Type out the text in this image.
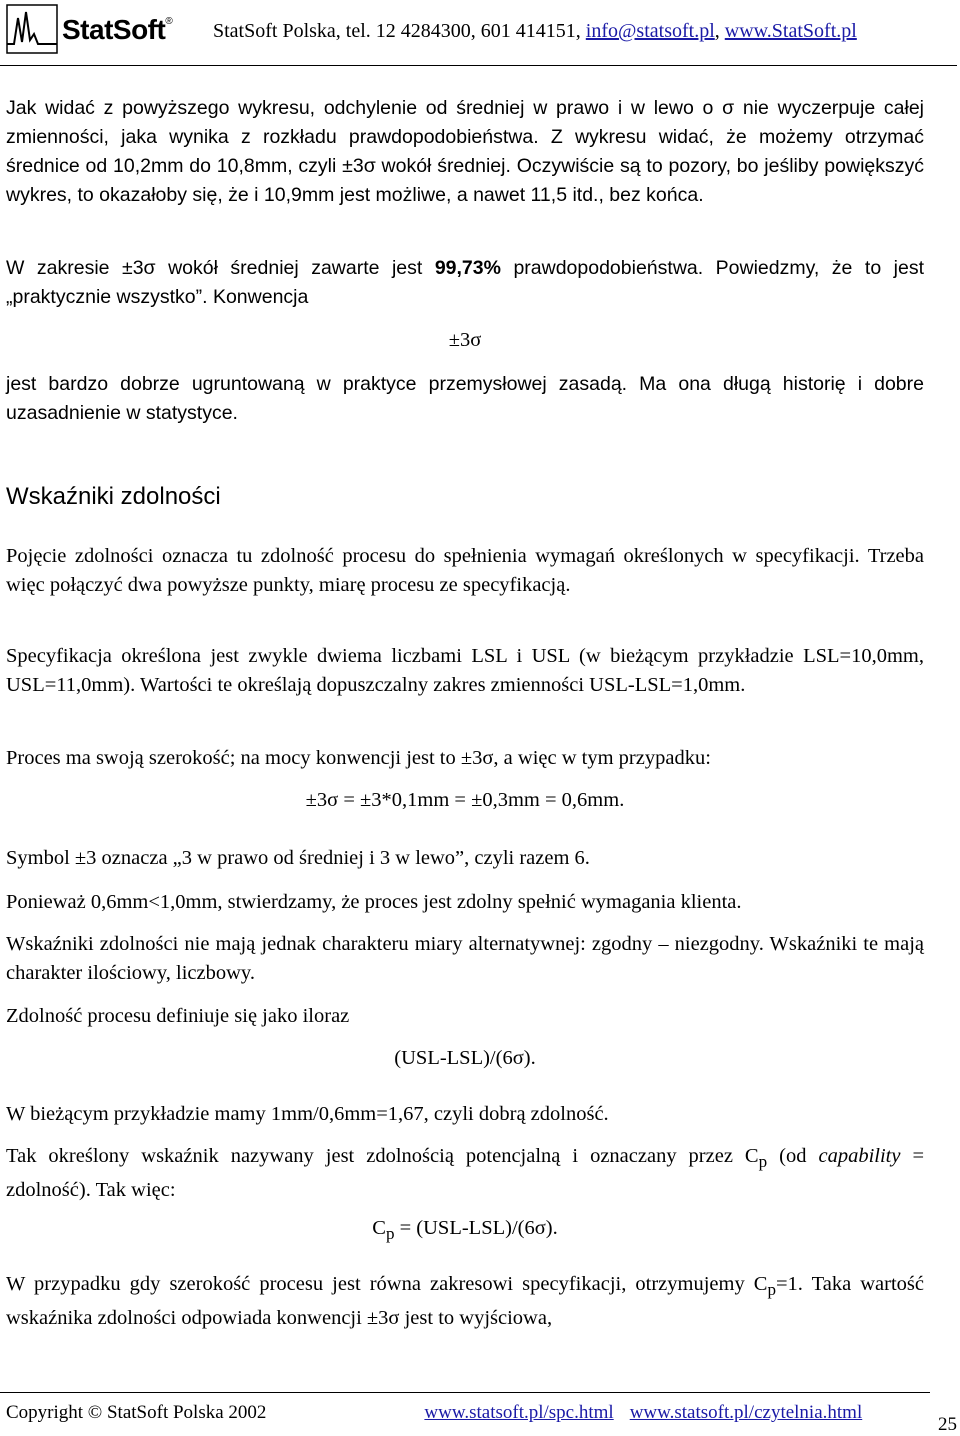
StatSoft® StatSoft Polska, tel. 12 4284300, 601 414151, info@statsoft.pl, www.StatSoft.pl

Jak widać z powyższego wykresu, odchylenie od średniej w prawo i w lewo o σ nie wyczerpuje całej zmienności, jaka wynika z rozkładu prawdopodobieństwa. Z wykresu widać, że możemy otrzymać średnice od 10,2mm do 10,8mm, czyli ±3σ wokół średniej. Oczywiście są to pozory, bo jeśliby powiększyć wykres, to okazałoby się, że i 10,9mm jest możliwe, a nawet 11,5 itd., bez końca.

W zakresie ±3σ wokół średniej zawarte jest 99,73% prawdopodobieństwa. Powiedzmy, że to jest „praktycznie wszystko”. Konwencja

±3σ

jest bardzo dobrze ugruntowaną w praktyce przemysłowej zasadą. Ma ona długą historię i dobre uzasadnienie w statystyce.

Wskaźniki zdolności

Pojęcie zdolności oznacza tu zdolność procesu do spełnienia wymagań określonych w specyfikacji. Trzeba więc połączyć dwa powyższe punkty, miarę procesu ze specyfikacją.

Specyfikacja określona jest zwykle dwiema liczbami LSL i USL (w bieżącym przykładzie LSL=10,0mm, USL=11,0mm). Wartości te określają dopuszczalny zakres zmienności USL-LSL=1,0mm.

Proces ma swoją szerokość; na mocy konwencji jest to ±3σ, a więc w tym przypadku:

±3σ = ±3*0,1mm = ±0,3mm = 0,6mm.

Symbol ±3 oznacza „3 w prawo od średniej i 3 w lewo”, czyli razem 6.

Ponieważ 0,6mm<1,0mm, stwierdzamy, że proces jest zdolny spełnić wymagania klienta.

Wskaźniki zdolności nie mają jednak charakteru miary alternatywnej: zgodny – niezgodny. Wskaźniki te mają charakter ilościowy, liczbowy.

Zdolność procesu definiuje się jako iloraz

(USL-LSL)/(6σ).

W bieżącym przykładzie mamy 1mm/0,6mm=1,67, czyli dobrą zdolność.

Tak określony wskaźnik nazywany jest zdolnością potencjalną i oznaczany przez $C_p$ (od capability = zdolność). Tak więc:

$C_p = (USL-LSL)/(6\sigma)$.

W przypadku gdy szerokość procesu jest równa zakresowi specyfikacji, otrzymujemy $C_p=1$. Taka wartość wskaźnika zdolności odpowiada konwencji ±3σ jest to wyjściowa,

Copyright © StatSoft Polska 2002	www.statsoft.pl/spc.html www.statsoft.pl/czytelnia.html
25
